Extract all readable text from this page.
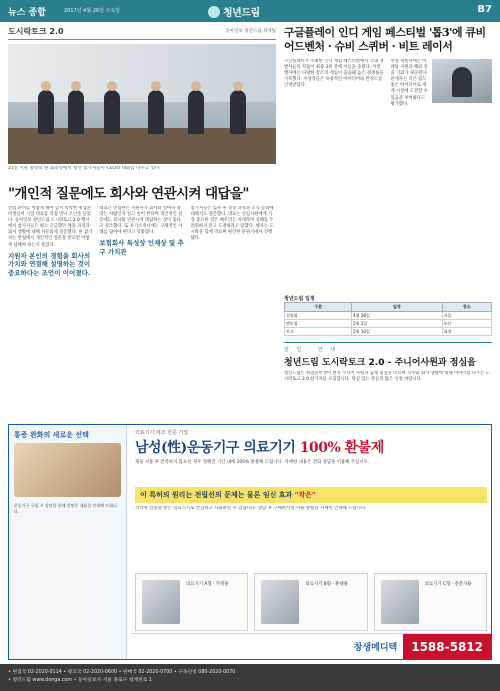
뉴스 종합	2017년 4월 26일 수요일	청년드림	B7
도시락토크 2.0	동아일보 청년드림 취재팀
21일 서울 중앙의 한 회의실에서 청년 참가자들이 CEO와 대화를 나누고 있다.
"개인적 질문에도 회사와 연관시켜 대답을"

면접 준비를 어떻게 해야 할지 막막한 취업준비생들이 기업 대표를 직접 만나 조언을 들었다. 동아일보 청년드림 도시락토크 2.0 행사에서 참가자들은 평소 궁금했던 채용 과정과 회사 생활에 대해 자유롭게 질문했다. 한 참가자는 면접에서 개인적인 질문을 받으면 어떻게 답해야 하는지 물었다.

지원자 본인의 경험을 회사의 가치와 연결해 설명하는 것이 중요하다는 조언이 이어졌다.

대표는 면접관은 지원자가 회사와 얼마나 잘 맞는 사람인지 알고 싶어 한다며 개인적인 질문에도 회사와 연관시켜 대답하는 것이 좋다고 강조했다. 또 자기소개서에는 구체적인 사례를 담아야 한다고 덧붙였다.

보험회사 특성상 인재상 및 추구 가치관

참가자들은 입사 후 성장 과정과 조직 문화에 대해서도 질문했다. 대표는 신입사원에게 가장 중요한 것은 배우려는 자세라며 실패를 두려워하지 말고 도전하라고 말했다. 행사는 도시락을 함께 먹으며 편안한 분위기에서 진행됐다.

구글플레이 인디 게임 페스티벌 '톱3'에 큐비 어드벤처 · 슈비 스퀴버 · 비트 레이서

구글플레이가 주최한 인디 게임 페스티벌에서 국내 개발사들의 작품이 최종 3위 안에 이름을 올렸다. 이번 행사에는 다양한 장르의 게임이 출품돼 높은 경쟁률을 기록했다. 수상작들은 독창적인 아이디어와 완성도를 인정받았다.

수상 개발사에는 마케팅 지원과 해외 진출 기회가 제공된다. 관계자는 작은 팀도 좋은 아이디어로 세계 시장에 도전할 수 있음을 보여줬다고 평가했다.

청년드림 일정
구분	일정	장소
설명회	4월 28일	서울
멘토링	5월 2일	부산
토크	5월 10일	대전
알 림 · 안 내
청년드림 도시락토크 2.0 - 주니어사원과 점심을
청년드림은 취업준비생이 현직 주니어 사원과 함께 점심을 먹으며 직무와 회사 생활에 대해 이야기를 나누는 도시락토크 2.0 참가자를 모집합니다. 관심 있는 분들의 많은 신청 바랍니다.
통증 완화의 새로운 선택
운동기구 구입 시 상담을 통해 알맞은 제품을 안내해 드립니다.
의료기기 제조 전문 기업
남성(性)운동기구 의료기기 100% 환불제
제품 사용 후 만족하지 않으실 경우 정해진 기간 내에 100% 환불해 드립니다. 자세한 내용은 전화 상담을 이용해 주십시오.
이 특허의 원리는 전립선의 문제는 물론 임신 효과 "작은"
식약처 인증을 받은 의료기기로 안심하고 사용하실 수 있습니다. 상담 후 구매하시면 사용 방법을 자세히 안내해 드립니다.
의료기기 A형 · 가정용	의료기기 B형 · 휴대용	의료기기 C형 · 전문가용
창생메디텍	1588-5812
• 편집국 02-2020-0114 • 광고국 02-2020-0600 • 판매국 02-2020-0700 • 구독신청 080-2020-0070
• 청년드림 www.donga.com • 동아일보사 서울 종로구 청계천로 1
